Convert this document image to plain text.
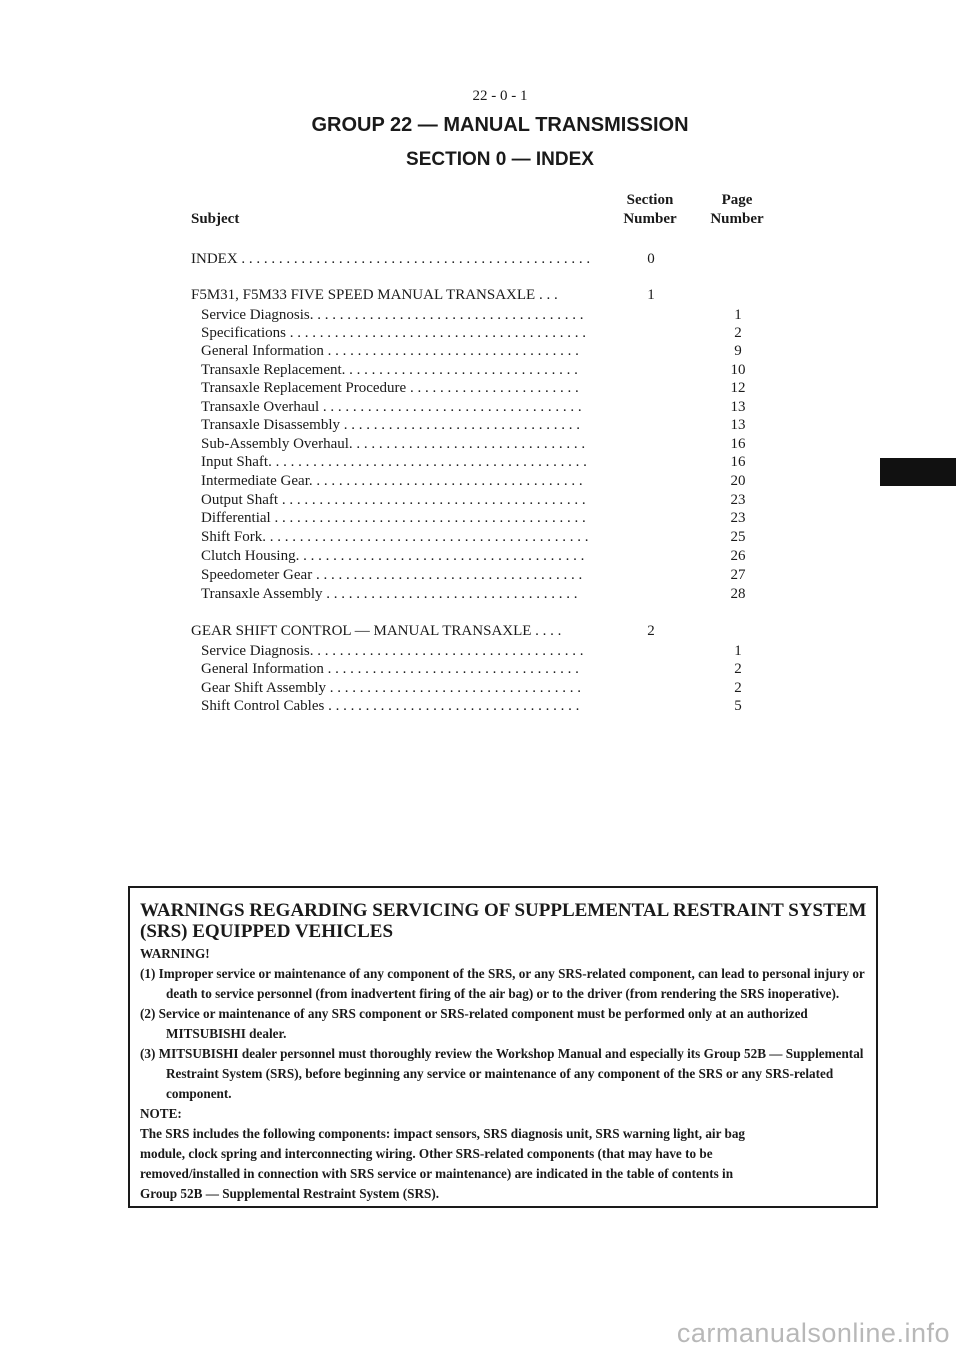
22 - 0 - 1
GROUP 22 — MANUAL TRANSMISSION
SECTION 0 — INDEX
Subject
Section
Number
Page
Number
INDEX . . . . . . . . . . . . . . . . . . . . . . . . . . . . . . . . . . . . . . . . . . . . . . .	0
F5M31, F5M33 FIVE SPEED MANUAL TRANSAXLE . . .	1
Service Diagnosis. . . . . . . . . . . . . . . . . . . . . . . . . . . . . . . . . . . . .	1
Specifications . . . . . . . . . . . . . . . . . . . . . . . . . . . . . . . . . . . . . . . .	2
General Information . . . . . . . . . . . . . . . . . . . . . . . . . . . . . . . . . .	9
Transaxle Replacement. . . . . . . . . . . . . . . . . . . . . . . . . . . . . . . .	10
Transaxle Replacement Procedure . . . . . . . . . . . . . . . . . . . . . . .	12
Transaxle Overhaul . . . . . . . . . . . . . . . . . . . . . . . . . . . . . . . . . . .	13
Transaxle Disassembly . . . . . . . . . . . . . . . . . . . . . . . . . . . . . . . .	13
Sub-Assembly Overhaul. . . . . . . . . . . . . . . . . . . . . . . . . . . . . . . .	16
Input Shaft. . . . . . . . . . . . . . . . . . . . . . . . . . . . . . . . . . . . . . . . . . .	16
Intermediate Gear. . . . . . . . . . . . . . . . . . . . . . . . . . . . . . . . . . . . .	20
Output Shaft . . . . . . . . . . . . . . . . . . . . . . . . . . . . . . . . . . . . . . . . .	23
Differential . . . . . . . . . . . . . . . . . . . . . . . . . . . . . . . . . . . . . . . . . .	23
Shift Fork. . . . . . . . . . . . . . . . . . . . . . . . . . . . . . . . . . . . . . . . . . . .	25
Clutch Housing. . . . . . . . . . . . . . . . . . . . . . . . . . . . . . . . . . . . . . .	26
Speedometer Gear . . . . . . . . . . . . . . . . . . . . . . . . . . . . . . . . . . . .	27
Transaxle Assembly . . . . . . . . . . . . . . . . . . . . . . . . . . . . . . . . . .	28
GEAR SHIFT CONTROL — MANUAL TRANSAXLE . . . .	2
Service Diagnosis. . . . . . . . . . . . . . . . . . . . . . . . . . . . . . . . . . . . .	1
General Information . . . . . . . . . . . . . . . . . . . . . . . . . . . . . . . . . .	2
Gear Shift Assembly . . . . . . . . . . . . . . . . . . . . . . . . . . . . . . . . . .	2
Shift Control Cables . . . . . . . . . . . . . . . . . . . . . . . . . . . . . . . . . .	5
WARNINGS REGARDING SERVICING OF SUPPLEMENTAL RESTRAINT SYSTEM
(SRS) EQUIPPED VEHICLES
WARNING!
(1) Improper service or maintenance of any component of the SRS, or any SRS-related component, can lead to personal injury or death to service personnel (from inadvertent firing of the air bag) or to the driver (from rendering the SRS inoperative).
(2) Service or maintenance of any SRS component or SRS-related component must be performed only at an authorized MITSUBISHI dealer.
(3) MITSUBISHI dealer personnel must thoroughly review the Workshop Manual and especially its Group 52B — Supplemental Restraint System (SRS), before beginning any service or maintenance of any component of the SRS or any SRS-related component.
NOTE:
The SRS includes the following components: impact sensors, SRS diagnosis unit, SRS warning light, air bag
module, clock spring and interconnecting wiring. Other SRS-related components (that may have to be
removed/installed in connection with SRS service or maintenance) are indicated in the table of contents in
Group 52B — Supplemental Restraint System (SRS).
carmanualsonline.info
